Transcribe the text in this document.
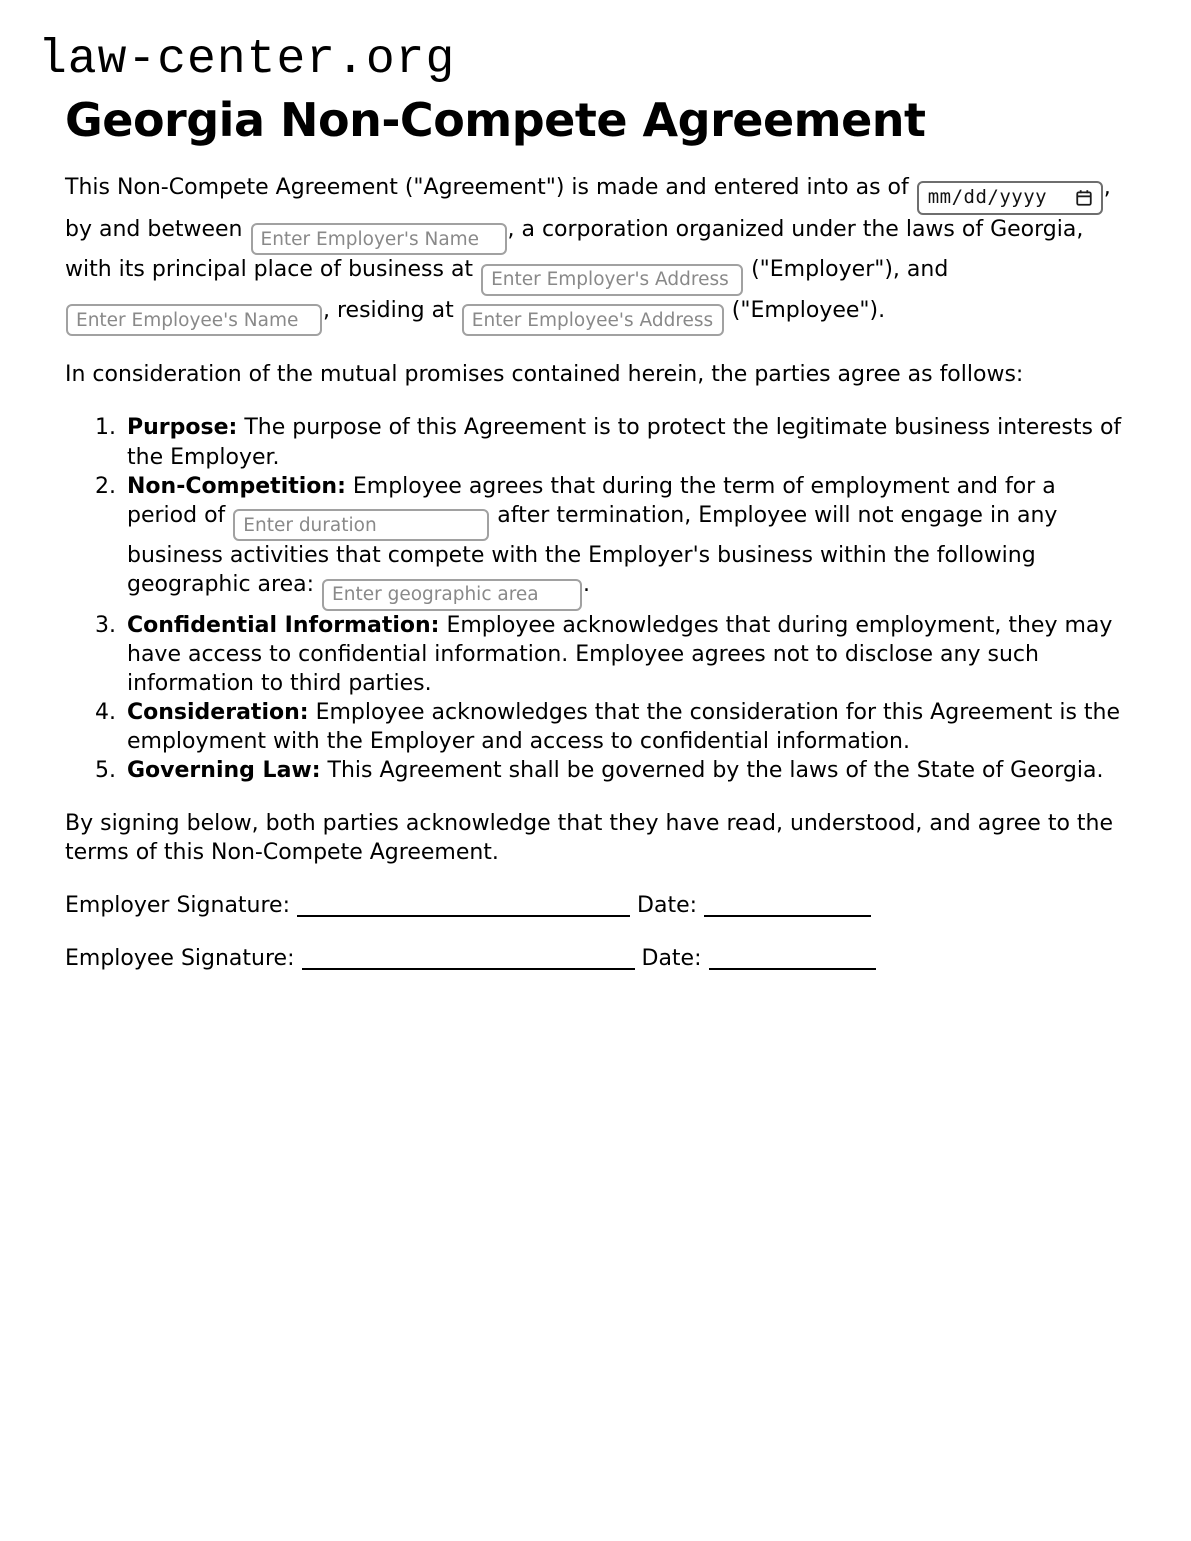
law-center.org
Georgia Non-Compete Agreement

This Non-Compete Agreement ("Agreement") is made and entered into as of mm/dd/yyyy	, by and between Enter Employer's Name	, a corporation organized under the laws of Georgia, with its principal place of business at Enter Employer's Address	("Employer"), and Enter Employee's Name, residing at Enter Employee's Address	("Employee").

In consideration of the mutual promises contained herein, the parties agree as follows:

1. Purpose: The purpose of this Agreement is to protect the legitimate business interests of the Employer.
2. Non-Competition: Employee agrees that during the term of employment and for a period of Enter duration	after termination, Employee will not engage in any business activities that compete with the Employer's business within the following geographic area: Enter geographic area	.
3. Confidential Information: Employee acknowledges that during employment, they may have access to confidential information. Employee agrees not to disclose any such information to third parties.
4. Consideration: Employee acknowledges that the consideration for this Agreement is the employment with the Employer and access to confidential information.
5. Governing Law: This Agreement shall be governed by the laws of the State of Georgia.

By signing below, both parties acknowledge that they have read, understood, and agree to the terms of this Non-Compete Agreement.

Employer Signature:	Date:

Employee Signature:	Date:
